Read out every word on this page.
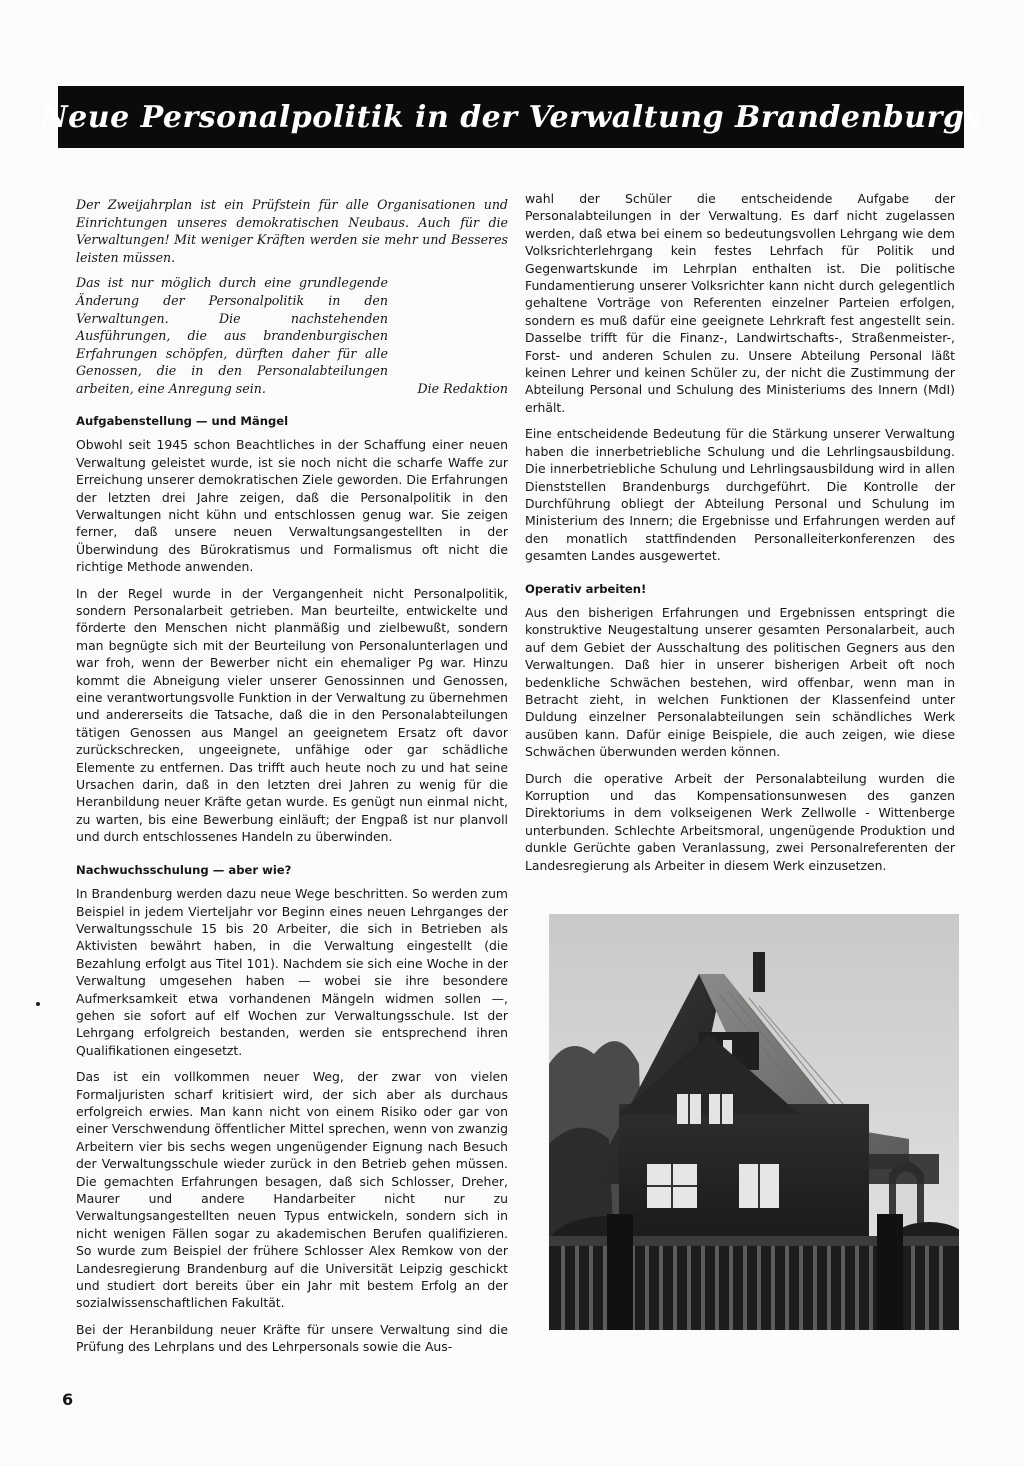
Neue Personalpolitik in der Verwaltung Brandenburgs

Der Zweijahrplan ist ein Prüfstein für alle Organisationen und Einrichtungen unseres demokratischen Neubaus. Auch für die Verwaltungen! Mit weniger Kräften werden sie mehr und Besseres leisten müssen.

Das ist nur möglich durch eine grundlegende Änderung der Personalpolitik in den Verwaltungen. Die nachstehenden Ausführungen, die aus brandenburgischen Erfahrungen schöpfen, dürften daher für alle Genossen, die in den Personalabteilungen arbeiten, eine Anregung sein.	Die Redaktion
Aufgabenstellung — und Mängel

Obwohl seit 1945 schon Beachtliches in der Schaffung einer neuen Verwaltung geleistet wurde, ist sie noch nicht die scharfe Waffe zur Erreichung unserer demokratischen Ziele geworden. Die Erfahrungen der letzten drei Jahre zeigen, daß die Personalpolitik in den Verwaltungen nicht kühn und entschlossen genug war. Sie zeigen ferner, daß unsere neuen Verwaltungsangestellten in der Überwindung des Bürokratismus und Formalismus oft nicht die richtige Methode anwenden.

In der Regel wurde in der Vergangenheit nicht Personalpolitik, sondern Personalarbeit getrieben. Man beurteilte, entwickelte und förderte den Menschen nicht planmäßig und zielbewußt, sondern man begnügte sich mit der Beurteilung von Personalunterlagen und war froh, wenn der Bewerber nicht ein ehemaliger Pg war. Hinzu kommt die Abneigung vieler unserer Genossinnen und Genossen, eine verantwortungsvolle Funktion in der Verwaltung zu übernehmen und andererseits die Tatsache, daß die in den Personalabteilungen tätigen Genossen aus Mangel an geeignetem Ersatz oft davor zurückschrecken, ungeeignete, unfähige oder gar schädliche Elemente zu entfernen. Das trifft auch heute noch zu und hat seine Ursachen darin, daß in den letzten drei Jahren zu wenig für die Heranbildung neuer Kräfte getan wurde. Es genügt nun einmal nicht, zu warten, bis eine Bewerbung einläuft; der Engpaß ist nur planvoll und durch entschlossenes Handeln zu überwinden.

Nachwuchsschulung — aber wie?

In Brandenburg werden dazu neue Wege beschritten. So werden zum Beispiel in jedem Vierteljahr vor Beginn eines neuen Lehrganges der Verwaltungsschule 15 bis 20 Arbeiter, die sich in Betrieben als Aktivisten bewährt haben, in die Verwaltung eingestellt (die Bezahlung erfolgt aus Titel 101). Nachdem sie sich eine Woche in der Verwaltung umgesehen haben — wobei sie ihre besondere Aufmerksamkeit etwa vorhandenen Mängeln widmen sollen —, gehen sie sofort auf elf Wochen zur Verwaltungsschule. Ist der Lehrgang erfolgreich bestanden, werden sie entsprechend ihren Qualifikationen eingesetzt.

Das ist ein vollkommen neuer Weg, der zwar von vielen Formaljuristen scharf kritisiert wird, der sich aber als durchaus erfolgreich erwies. Man kann nicht von einem Risiko oder gar von einer Verschwendung öffentlicher Mittel sprechen, wenn von zwanzig Arbeitern vier bis sechs wegen ungenügender Eignung nach Besuch der Verwaltungsschule wieder zurück in den Betrieb gehen müssen. Die gemachten Erfahrungen besagen, daß sich Schlosser, Dreher, Maurer und andere Handarbeiter nicht nur zu Verwaltungsangestellten neuen Typus entwickeln, sondern sich in nicht wenigen Fällen sogar zu akademischen Berufen qualifizieren. So wurde zum Beispiel der frühere Schlosser Alex Remkow von der Landesregierung Brandenburg auf die Universität Leipzig geschickt und studiert dort bereits über ein Jahr mit bestem Erfolg an der sozialwissenschaftlichen Fakultät.

Bei der Heranbildung neuer Kräfte für unsere Verwaltung sind die Prüfung des Lehrplans und des Lehrpersonals sowie die Aus-

wahl der Schüler die entscheidende Aufgabe der Personalabteilungen in der Verwaltung. Es darf nicht zugelassen werden, daß etwa bei einem so bedeutungsvollen Lehrgang wie dem Volksrichterlehrgang kein festes Lehrfach für Politik und Gegenwartskunde im Lehrplan enthalten ist. Die politische Fundamentierung unserer Volksrichter kann nicht durch gelegentlich gehaltene Vorträge von Referenten einzelner Parteien erfolgen, sondern es muß dafür eine geeignete Lehrkraft fest angestellt sein. Dasselbe trifft für die Finanz-, Landwirtschafts-, Straßenmeister-, Forst- und anderen Schulen zu. Unsere Abteilung Personal läßt keinen Lehrer und keinen Schüler zu, der nicht die Zustimmung der Abteilung Personal und Schulung des Ministeriums des Innern (MdI) erhält.

Eine entscheidende Bedeutung für die Stärkung unserer Verwaltung haben die innerbetriebliche Schulung und die Lehrlingsausbildung. Die innerbetriebliche Schulung und Lehrlingsausbildung wird in allen Dienststellen Brandenburgs durchgeführt. Die Kontrolle der Durchführung obliegt der Abteilung Personal und Schulung im Ministerium des Innern; die Ergebnisse und Erfahrungen werden auf den monatlich stattfindenden Personalleiterkonferenzen des gesamten Landes ausgewertet.

Operativ arbeiten!

Aus den bisherigen Erfahrungen und Ergebnissen entspringt die konstruktive Neugestaltung unserer gesamten Personalarbeit, auch auf dem Gebiet der Ausschaltung des politischen Gegners aus den Verwaltungen. Daß hier in unserer bisherigen Arbeit oft noch bedenkliche Schwächen bestehen, wird offenbar, wenn man in Betracht zieht, in welchen Funktionen der Klassenfeind unter Duldung einzelner Personalabteilungen sein schändliches Werk ausüben kann. Dafür einige Beispiele, die auch zeigen, wie diese Schwächen überwunden werden können.

Durch die operative Arbeit der Personalabteilung wurden die Korruption und das Kompensationsunwesen des ganzen Direktoriums in dem volkseigenen Werk Zellwolle - Wittenberge unterbunden. Schlechte Arbeitsmoral, ungenügende Produktion und dunkle Gerüchte gaben Veranlassung, zwei Personalreferenten der Landesregierung als Arbeiter in diesem Werk einzusetzen.

6
